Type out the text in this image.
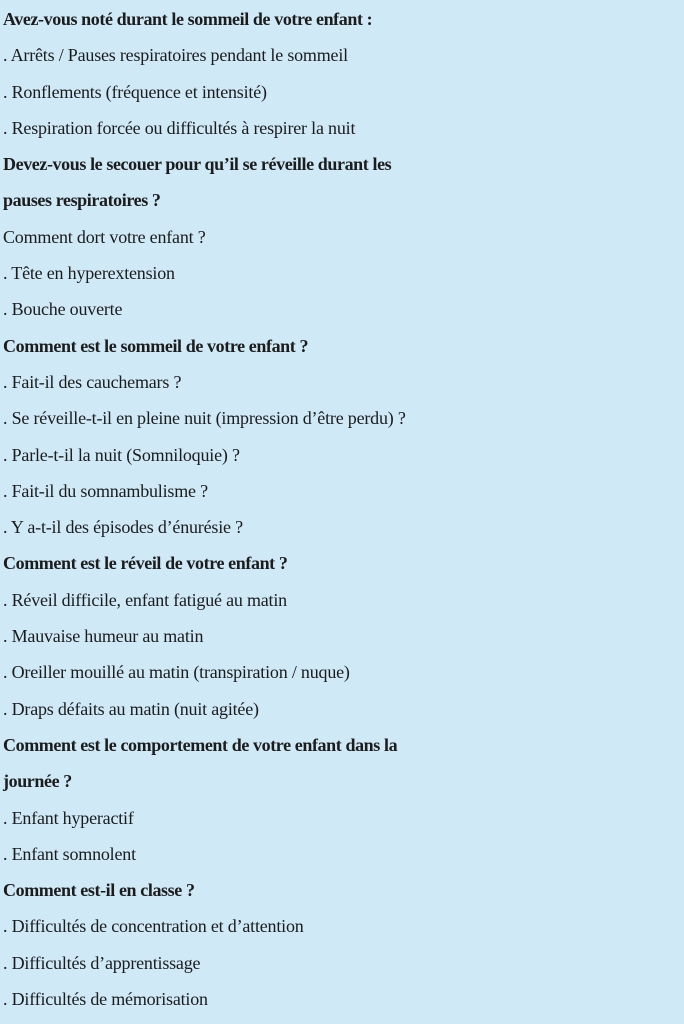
Avez-vous noté durant le sommeil de votre enfant :

. Arrêts / Pauses respiratoires pendant le sommeil

. Ronflements (fréquence et intensité)

. Respiration forcée ou difficultés à respirer la nuit

Devez-vous le secouer pour qu’il se réveille durant les

pauses respiratoires ?

Comment dort votre enfant ?

. Tête en hyperextension

. Bouche ouverte

Comment est le sommeil de votre enfant ?

. Fait-il des cauchemars ?

. Se réveille-t-il en pleine nuit (impression d’être perdu) ?

. Parle-t-il la nuit (Somniloquie) ?

. Fait-il du somnambulisme ?

. Y a-t-il des épisodes d’énurésie ?

Comment est le réveil de votre enfant ?

. Réveil difficile, enfant fatigué au matin

. Mauvaise humeur au matin

. Oreiller mouillé au matin (transpiration / nuque)

. Draps défaits au matin (nuit agitée)

Comment est le comportement de votre enfant dans la

journée ?

. Enfant hyperactif

. Enfant somnolent

Comment est-il en classe ?

. Difficultés de concentration et d’attention

. Difficultés d’apprentissage

. Difficultés de mémorisation
